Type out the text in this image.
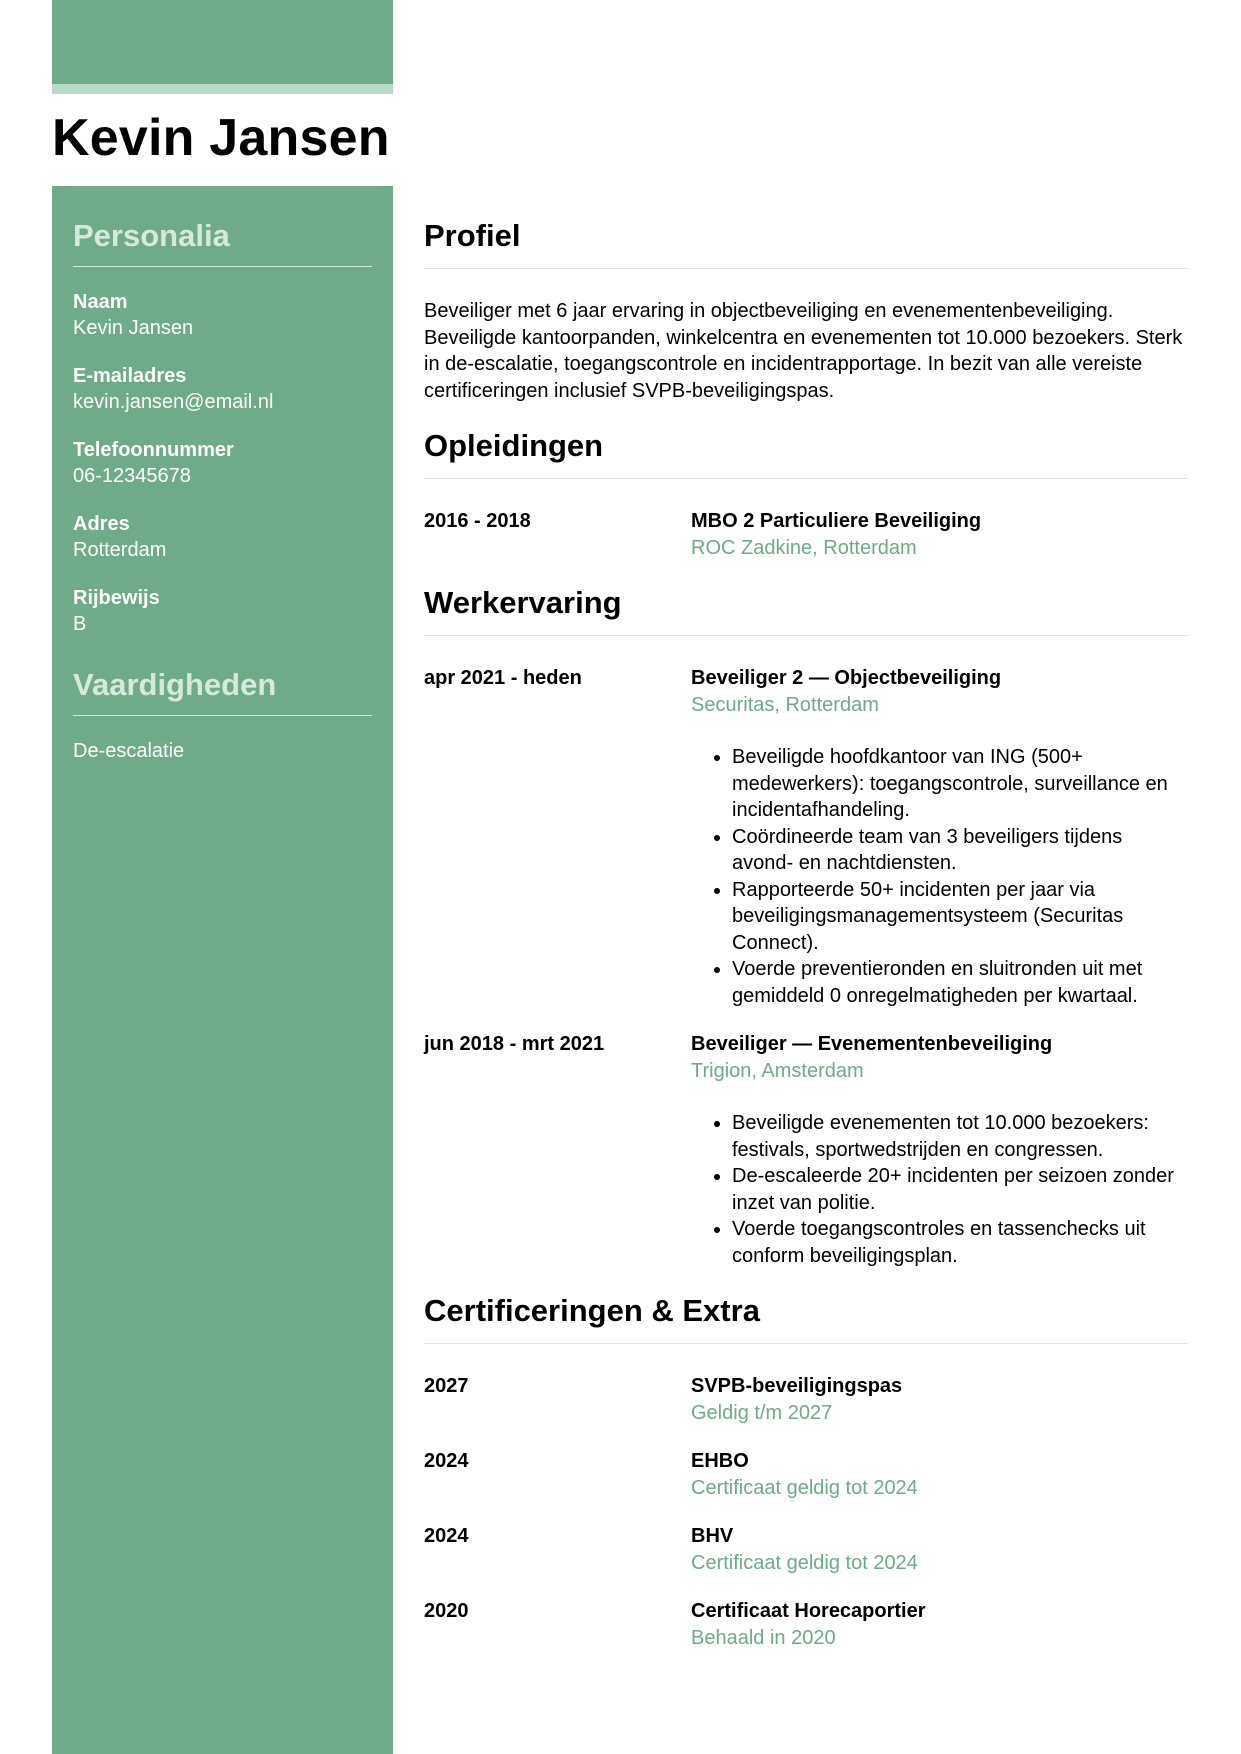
Kevin Jansen
Personalia
Naam
Kevin Jansen
E-mailadres
kevin.jansen@email.nl
Telefoonnummer
06-12345678
Adres
Rotterdam
Rijbewijs
B
Vaardigheden
De-escalatie
Profiel

Beveiliger met 6 jaar ervaring in objectbeveiliging en evenementenbeveiliging. Beveiligde kantoorpanden, winkelcentra en evenementen tot 10.000 bezoekers. Sterk in de-escalatie, toegangscontrole en incidentrapportage. In bezit van alle vereiste certificeringen inclusief SVPB-beveiligingspas.

Opleidingen
2016 - 2018	MBO 2 Particuliere Beveiliging
ROC Zadkine, Rotterdam
Werkervaring
apr 2021 - heden	Beveiliger 2 — Objectbeveiliging
Securitas, Rotterdam
• Beveiligde hoofdkantoor van ING (500+ medewerkers): toegangscontrole, surveillance en incidentafhandeling.
• Coördineerde team van 3 beveiligers tijdens avond- en nachtdiensten.
• Rapporteerde 50+ incidenten per jaar via beveiligingsmanagementsysteem (Securitas Connect).
• Voerde preventieronden en sluitronden uit met gemiddeld 0 onregelmatigheden per kwartaal.
jun 2018 - mrt 2021	Beveiliger — Evenementenbeveiliging
Trigion, Amsterdam
• Beveiligde evenementen tot 10.000 bezoekers: festivals, sportwedstrijden en congressen.
• De-escaleerde 20+ incidenten per seizoen zonder inzet van politie.
• Voerde toegangscontroles en tassenchecks uit conform beveiligingsplan.
Certificeringen & Extra
2027	SVPB-beveiligingspas
Geldig t/m 2027
2024	EHBO
Certificaat geldig tot 2024
2024	BHV
Certificaat geldig tot 2024
2020	Certificaat Horecaportier
Behaald in 2020
